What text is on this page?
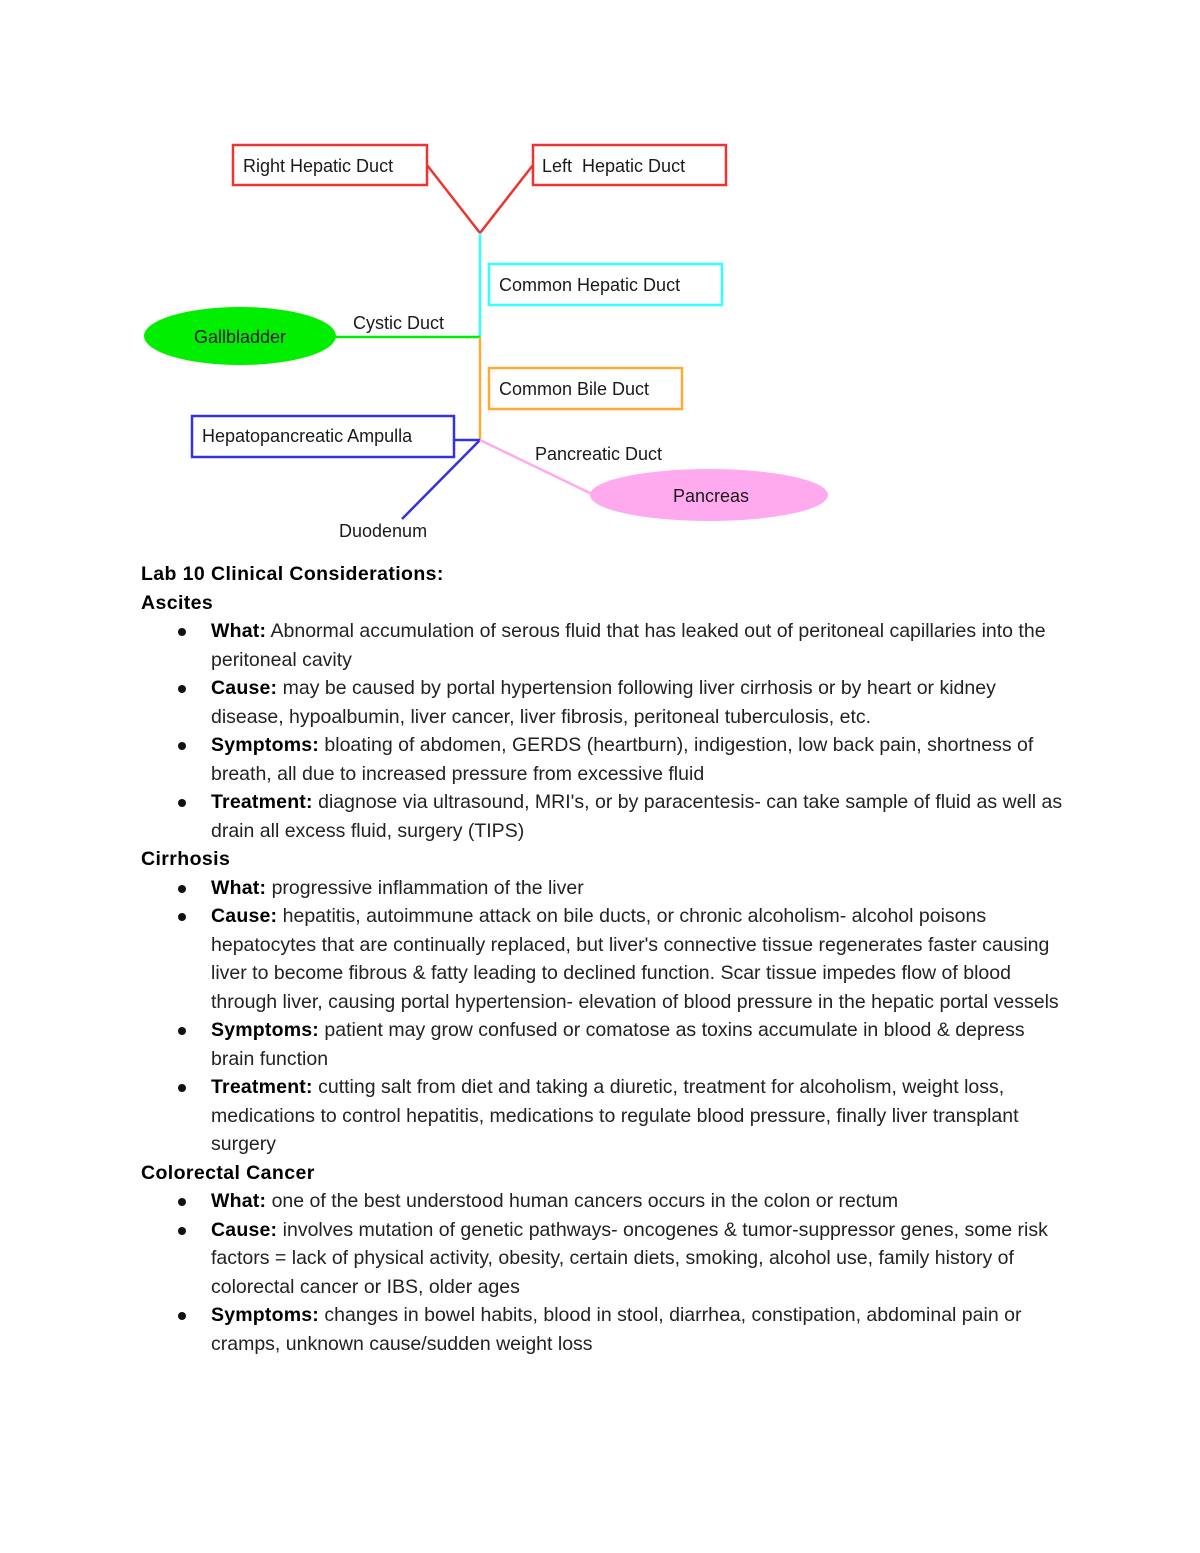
Right Hepatic Duct	Left  Hepatic Duct
Common Hepatic Duct
Cystic Duct
Gallbladder
Common Bile Duct
Hepatopancreatic Ampulla
Pancreatic Duct
Pancreas
Duodenum
Lab 10 Clinical Considerations:
Ascites
What: Abnormal accumulation of serous fluid that has leaked out of peritoneal capillaries into the peritoneal cavity
Cause: may be caused by portal hypertension following liver cirrhosis or by heart or kidney disease, hypoalbumin, liver cancer, liver fibrosis, peritoneal tuberculosis, etc.
Symptoms: bloating of abdomen, GERDS (heartburn), indigestion, low back pain, shortness of breath, all due to increased pressure from excessive fluid
Treatment: diagnose via ultrasound, MRI's, or by paracentesis- can take sample of fluid as well as drain all excess fluid, surgery (TIPS)
Cirrhosis
What: progressive inflammation of the liver
Cause: hepatitis, autoimmune attack on bile ducts, or chronic alcoholism- alcohol poisons hepatocytes that are continually replaced, but liver's connective tissue regenerates faster causing liver to become fibrous & fatty leading to declined function. Scar tissue impedes flow of blood through liver, causing portal hypertension- elevation of blood pressure in the hepatic portal vessels
Symptoms: patient may grow confused or comatose as toxins accumulate in blood & depress brain function
Treatment: cutting salt from diet and taking a diuretic, treatment for alcoholism, weight loss, medications to control hepatitis, medications to regulate blood pressure, finally liver transplant surgery
Colorectal Cancer
What: one of the best understood human cancers occurs in the colon or rectum
Cause: involves mutation of genetic pathways- oncogenes & tumor-suppressor genes, some risk factors = lack of physical activity, obesity, certain diets, smoking, alcohol use, family history of colorectal cancer or IBS, older ages
Symptoms: changes in bowel habits, blood in stool, diarrhea, constipation, abdominal pain or cramps, unknown cause/sudden weight loss
